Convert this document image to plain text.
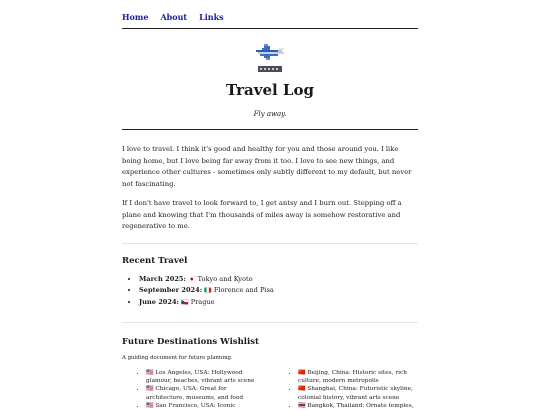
Home About Links
Travel Log

Fly away.

I love to travel. I think it's good and healthy for you and those around you. I like being home, but I love being far away from it too. I love to see new things, and experience other cultures - sometimes only subtly different to my default, but never not fascinating.

If I don't have travel to look forward to, I get antsy and I burn out. Stepping off a plane and knowing that I'm thousands of miles away is somehow restorative and regenerative to me.

Recent Travel
• March 2025: 🇯🇵 Tokyo and Kyoto
• September 2024: 🇮🇹 Florence and Pisa
• June 2024: 🇨🇿 Prague
Future Destinations Wishlist

A guiding document for future planning.

• 🇺🇸 Los Angeles, USA: Hollywood glamour, beaches, vibrant arts scene
• 🇺🇸 Chicago, USA: Great for architecture, museums, and food
• 🇺🇸 San Francisco, USA: Iconic
• 🇨🇳 Beijing, China: Historic sites, rich culture, modern metropolis
• 🇨🇳 Shanghai, China: Futuristic skyline, colonial history, vibrant arts scene
• 🇹🇭 Bangkok, Thailand: Ornate temples,
